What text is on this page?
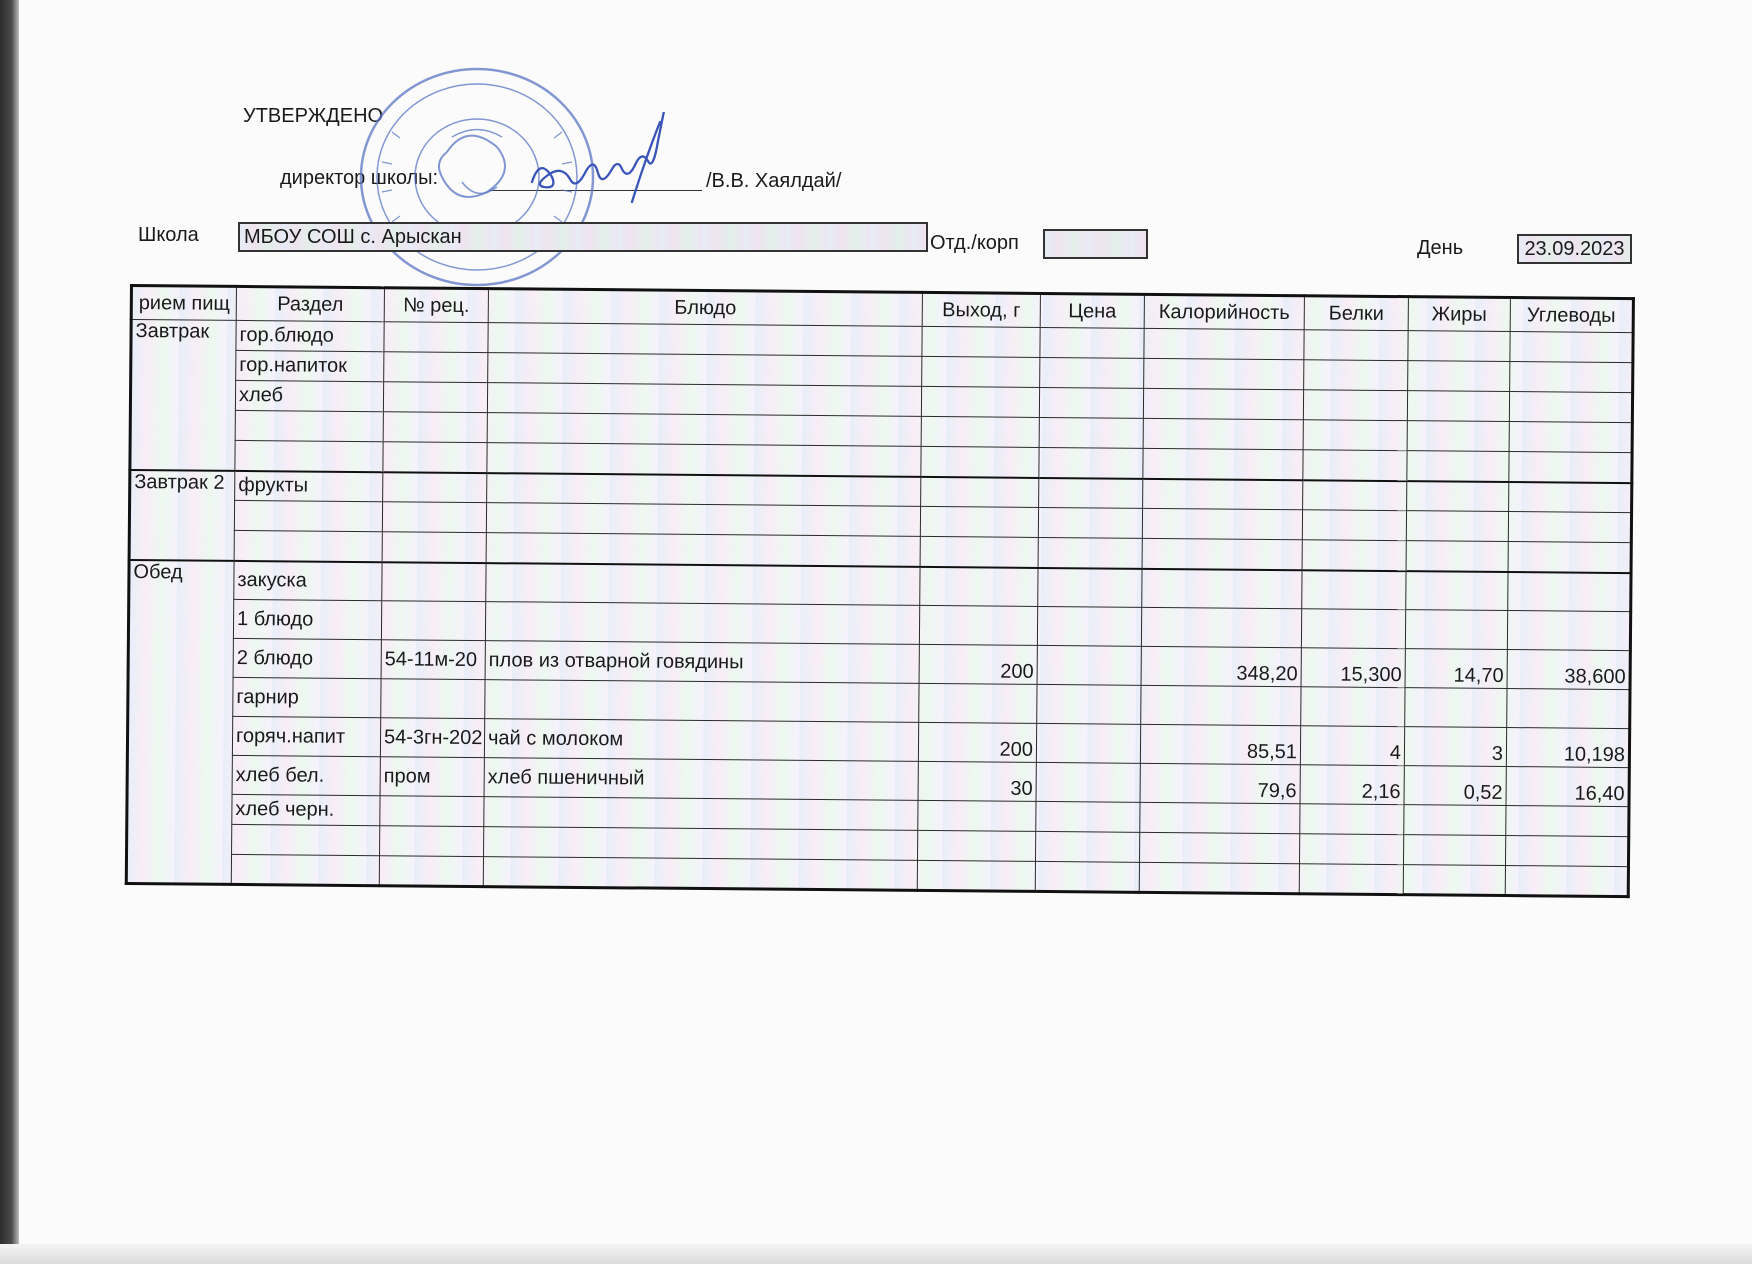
УТВЕРЖДЕНО
директор школы:	/В.В. Хаялдай/
Школа	МБОУ СОШ с. Арыскан	Отд./корп	День	23.09.2023
рием пищ	Раздел	№ рец.	Блюдо	Выход, г	Цена	Калорийность	Белки	Жиры	Углеводы
Завтрак	гор.блюдо								
	гор.напиток								
	хлеб								

Завтрак 2	фрукты								

Обед	закуска								
	1 блюдо								
	2 блюдо	54-11м-20	плов из отварной говядины	200		348,20	15,300	14,70	38,600
	гарнир								
	горяч.напит	54-3гн-202	чай с молоком	200		85,51	4	3	10,198
	хлеб бел.	пром	хлеб пшеничный	30		79,6	2,16	0,52	16,40
	хлеб черн.								
